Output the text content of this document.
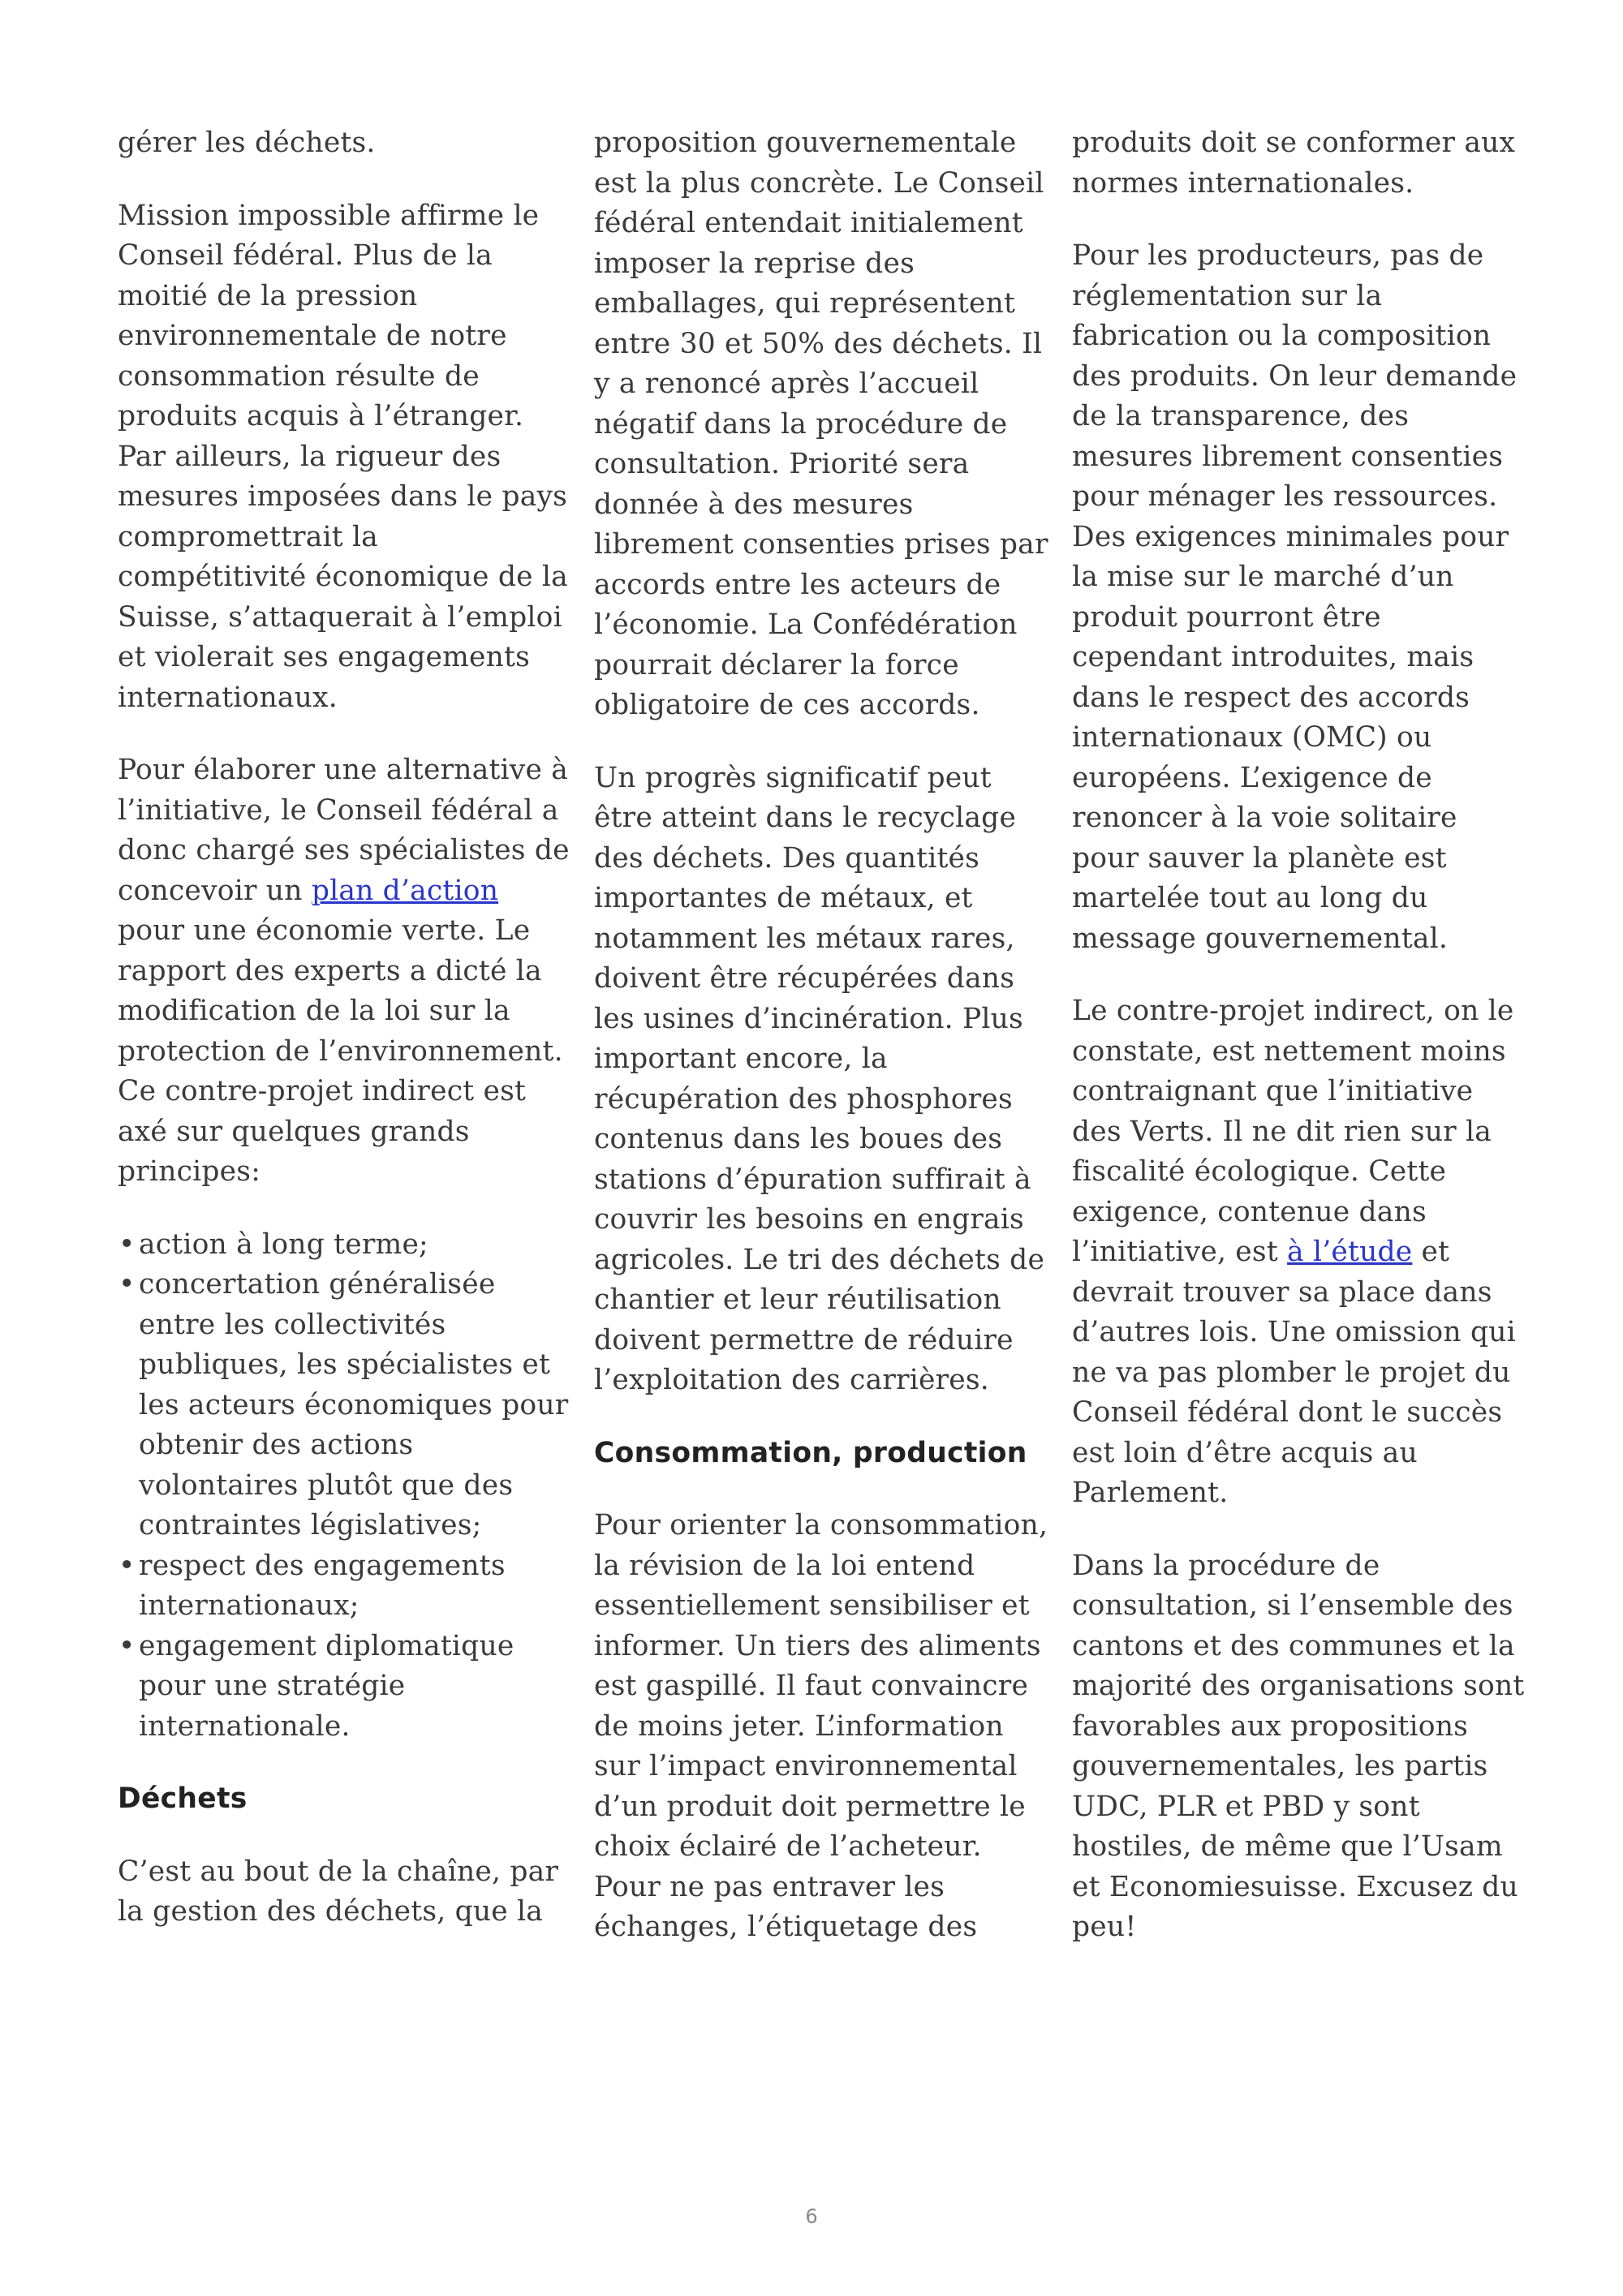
gérer les déchets.

Mission impossible affirme le Conseil fédéral. Plus de la moitié de la pression environnementale de notre consommation résulte de produits acquis à l’étranger. Par ailleurs, la rigueur des mesures imposées dans le pays compromettrait la compétitivité économique de la Suisse, s’attaquerait à l’emploi et violerait ses engagements internationaux.

Pour élaborer une alternative à l’initiative, le Conseil fédéral a donc chargé ses spécialistes de concevoir un plan d’action pour une économie verte. Le rapport des experts a dicté la modification de la loi sur la protection de l’environnement. Ce contre-projet indirect est axé sur quelques grands principes:

• action à long terme;
• concertation généralisée entre les collectivités publiques, les spécialistes et les acteurs économiques pour obtenir des actions volontaires plutôt que des contraintes législatives;
• respect des engagements internationaux;
• engagement diplomatique pour une stratégie internationale.
Déchets

C’est au bout de la chaîne, par la gestion des déchets, que la

proposition gouvernementale est la plus concrète. Le Conseil fédéral entendait initialement imposer la reprise des emballages, qui représentent entre 30 et 50% des déchets. Il y a renoncé après l’accueil négatif dans la procédure de consultation. Priorité sera donnée à des mesures librement consenties prises par accords entre les acteurs de l’économie. La Confédération pourrait déclarer la force obligatoire de ces accords.

Un progrès significatif peut être atteint dans le recyclage des déchets. Des quantités importantes de métaux, et notamment les métaux rares, doivent être récupérées dans les usines d’incinération. Plus important encore, la récupération des phosphores contenus dans les boues des stations d’épuration suffirait à couvrir les besoins en engrais agricoles. Le tri des déchets de chantier et leur réutilisation doivent permettre de réduire l’exploitation des carrières.

Consommation, production

Pour orienter la consommation, la révision de la loi entend essentiellement sensibiliser et informer. Un tiers des aliments est gaspillé. Il faut convaincre de moins jeter. L’information sur l’impact environnemental d’un produit doit permettre le choix éclairé de l’acheteur. Pour ne pas entraver les échanges, l’étiquetage des

produits doit se conformer aux normes internationales.

Pour les producteurs, pas de réglementation sur la fabrication ou la composition des produits. On leur demande de la transparence, des mesures librement consenties pour ménager les ressources. Des exigences minimales pour la mise sur le marché d’un produit pourront être cependant introduites, mais dans le respect des accords internationaux (OMC) ou européens. L’exigence de renoncer à la voie solitaire pour sauver la planète est martelée tout au long du message gouvernemental.

Le contre-projet indirect, on le constate, est nettement moins contraignant que l’initiative des Verts. Il ne dit rien sur la fiscalité écologique. Cette exigence, contenue dans l’initiative, est à l’étude et devrait trouver sa place dans d’autres lois. Une omission qui ne va pas plomber le projet du Conseil fédéral dont le succès est loin d’être acquis au Parlement.

Dans la procédure de consultation, si l’ensemble des cantons et des communes et la majorité des organisations sont favorables aux propositions gouvernementales, les partis UDC, PLR et PBD y sont hostiles, de même que l’Usam et Economiesuisse. Excusez du peu!

6
